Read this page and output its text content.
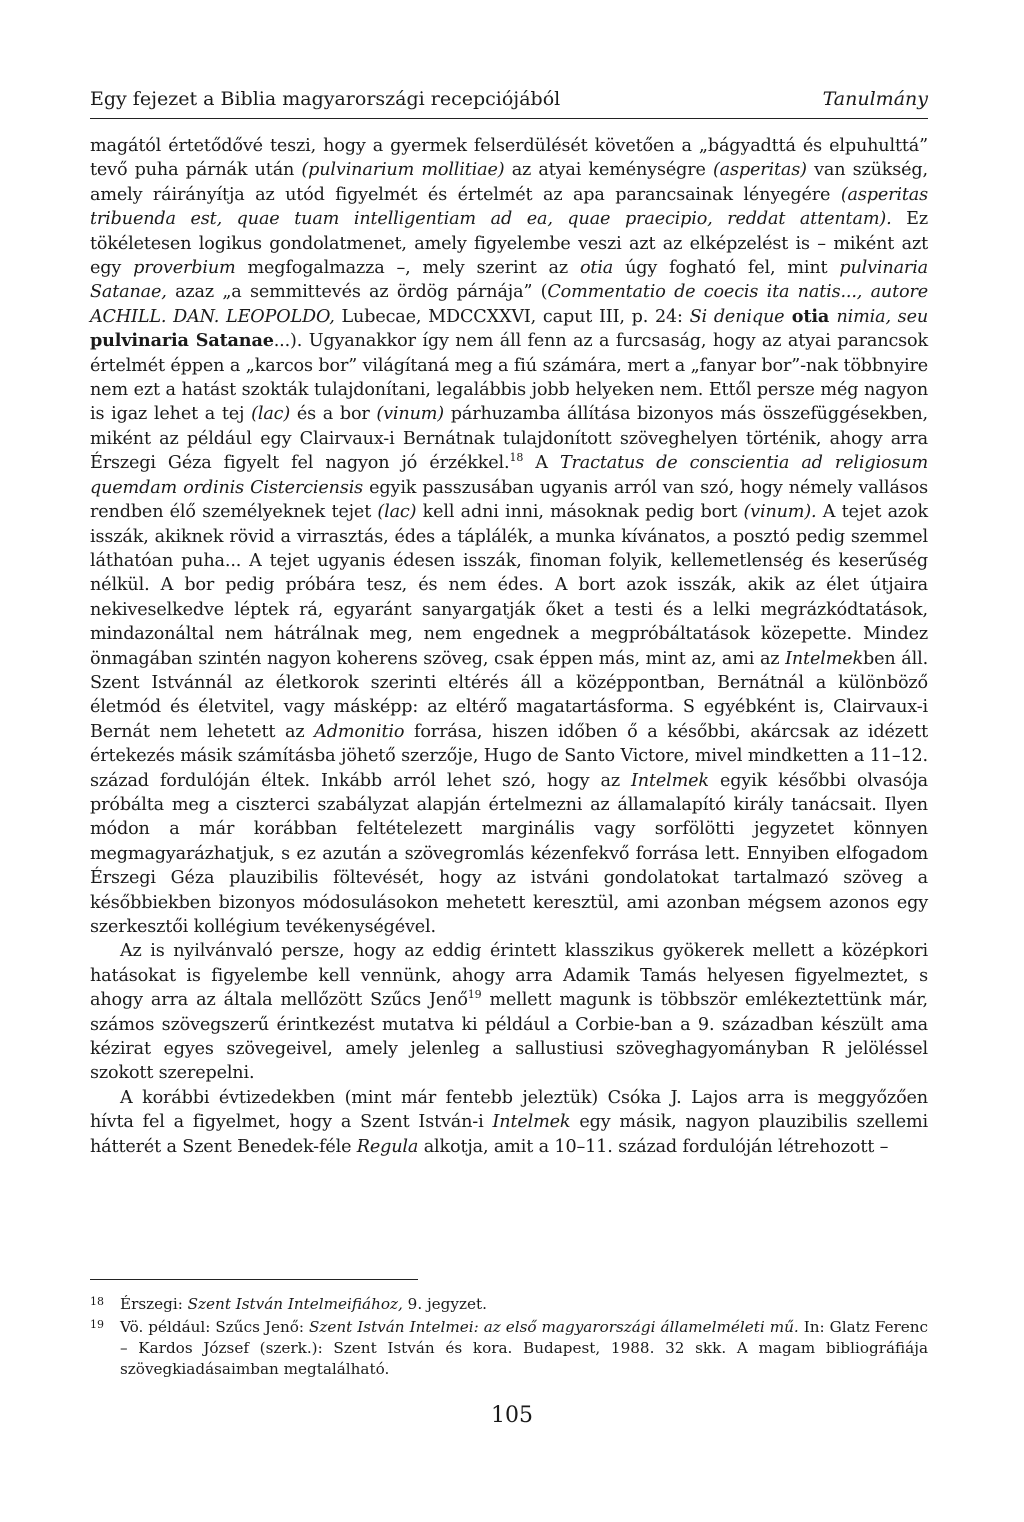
Egy fejezet a Biblia magyarországi recepciójából	Tanulmány

magától értetődővé teszi, hogy a gyermek felserdülését követően a „bágyadttá és elpuhulttá” tevő puha párnák után (pulvinarium mollitiae) az atyai keménységre (asperitas) van szükség, amely ráirányítja az utód figyelmét és értelmét az apa parancsainak lényegére (asperitas tribuenda est, quae tuam intelligentiam ad ea, quae praecipio, reddat attentam). Ez tökéletesen logikus gondolatmenet, amely figyelembe veszi azt az elképzelést is – miként azt egy proverbium megfogalmazza –, mely szerint az otia úgy fogható fel, mint pulvinaria Satanae, azaz „a semmittevés az ördög párnája” (Commentatio de coecis ita natis..., autore ACHILL. DAN. LEOPOLDO, Lubecae, MDCCXXVI, caput III, p. 24: Si denique otia nimia, seu pulvinaria Satanae...). Ugyanakkor így nem áll fenn az a furcsaság, hogy az atyai parancsok értelmét éppen a „karcos bor” világítaná meg a fiú számára, mert a „fanyar bor”-nak többnyire nem ezt a hatást szokták tulajdonítani, legalábbis jobb helyeken nem. Ettől persze még nagyon is igaz lehet a tej (lac) és a bor (vinum) párhuzamba állítása bizonyos más összefüggésekben, miként az például egy Clairvaux-i Bernátnak tulajdonított szöveghelyen történik, ahogy arra Érszegi Géza figyelt fel nagyon jó érzékkel.$^{18}$ A Tractatus de conscientia ad religiosum quemdam ordinis Cisterciensis egyik passzusában ugyanis arról van szó, hogy némely vallásos rendben élő személyeknek tejet (lac) kell adni inni, másoknak pedig bort (vinum). A tejet azok isszák, akiknek rövid a virrasztás, édes a táplálék, a munka kívánatos, a posztó pedig szemmel láthatóan puha... A tejet ugyanis édesen isszák, finoman folyik, kellemetlenség és keserűség nélkül. A bor pedig próbára tesz, és nem édes. A bort azok isszák, akik az élet útjaira nekiveselkedve léptek rá, egyaránt sanyargatják őket a testi és a lelki megrázkódtatások, mindazonáltal nem hátrálnak meg, nem engednek a megpróbáltatások közepette. Mindez önmagában szintén nagyon koherens szöveg, csak éppen más, mint az, ami az Intelmekben áll. Szent Istvánnál az életkorok szerinti eltérés áll a középpontban, Bernátnál a különböző életmód és életvitel, vagy másképp: az eltérő magatartásforma. S egyébként is, Clairvaux-i Bernát nem lehetett az Admonitio forrása, hiszen időben ő a későbbi, akárcsak az idézett értekezés másik számításba jöhető szerzője, Hugo de Santo Victore, mivel mindketten a 11–12. század fordulóján éltek. Inkább arról lehet szó, hogy az Intelmek egyik későbbi olvasója próbálta meg a ciszterci szabályzat alapján értelmezni az államalapító király tanácsait. Ilyen módon a már korábban feltételezett marginális vagy sorfölötti jegyzetet könnyen megmagyarázhatjuk, s ez azután a szövegromlás kézenfekvő forrása lett. Ennyiben elfogadom Érszegi Géza plauzibilis föltevését, hogy az istváni gondolatokat tartalmazó szöveg a későbbiekben bizonyos módosulásokon mehetett keresztül, ami azonban mégsem azonos egy szerkesztői kollégium tevékenységével.

Az is nyilvánvaló persze, hogy az eddig érintett klasszikus gyökerek mellett a középkori hatásokat is figyelembe kell vennünk, ahogy arra Adamik Tamás helyesen figyelmeztet, s ahogy arra az általa mellőzött Szűcs Jenő$^{19}$ mellett magunk is többször emlékeztettünk már, számos szövegszerű érintkezést mutatva ki például a Corbie-ban a 9. században készült ama kézirat egyes szövegeivel, amely jelenleg a sallustiusi szöveghagyományban R jelöléssel szokott szerepelni.

A korábbi évtizedekben (mint már fentebb jeleztük) Csóka J. Lajos arra is meggyőzően hívta fel a figyelmet, hogy a Szent István-i Intelmek egy másik, nagyon plauzibilis szellemi hátterét a Szent Benedek-féle Regula alkotja, amit a 10–11. század fordulóján létrehozott –

18 Érszegi: Szent István Intelmeifiához, 9. jegyzet.
19 Vö. például: Szűcs Jenő: Szent István Intelmei: az első magyarországi államelméleti mű. In: Glatz Ferenc – Kardos József (szerk.): Szent István és kora. Budapest, 1988. 32 skk. A magam bibliográfiája szövegkiadásaimban megtalálható.
105
